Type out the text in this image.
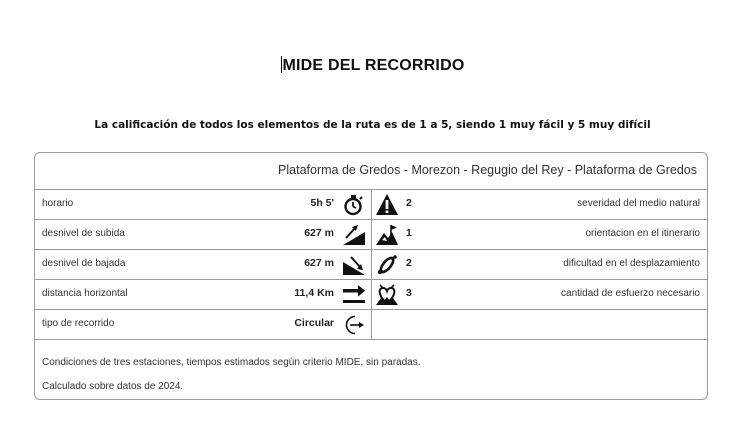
MIDE DEL RECORRIDO
La calificación de todos los elementos de la ruta es de 1 a 5, siendo 1 muy fácil y 5 muy difícil
Plataforma de Gredos - Morezon - Regugio del Rey - Plataforma de Gredos
horario	5h 5'	2	severidad del medio natural
desnivel de subida	627 m	1	orientacion en el itinerario
desnivel de bajada	627 m	2	dificultad en el desplazamiento
distancia horizontal	11,4 Km	3	cantidad de esfuerzo necesario
tipo de recorrido	Circular
Condiciones de tres estaciones, tiempos estimados según criterio MIDE, sin paradas.
Calculado sobre datos de 2024.
